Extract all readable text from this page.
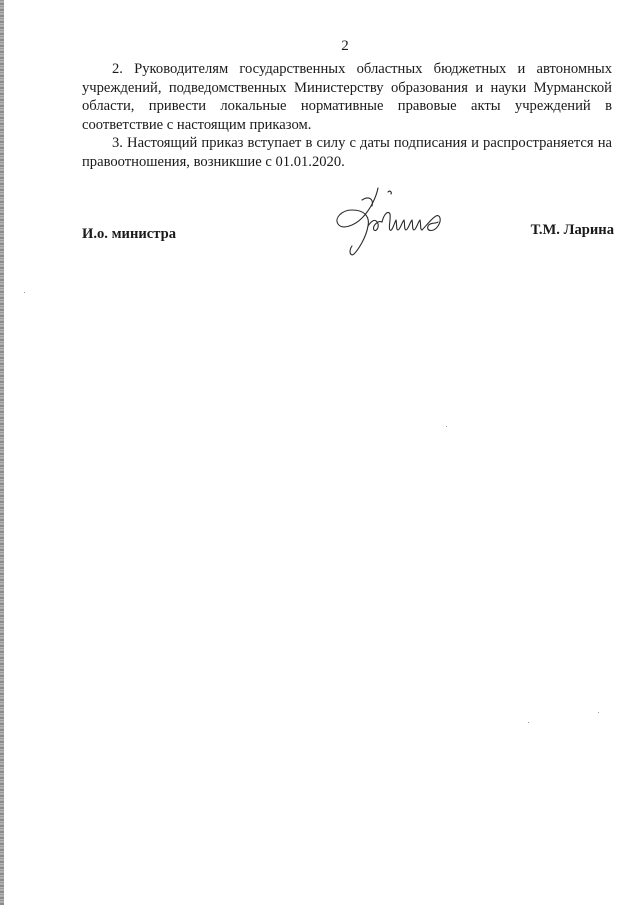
2

2. Руководителям государственных областных бюджетных и автономных учреждений, подведомственных Министерству образования и науки Мурманской области, привести локальные нормативные правовые акты учреждений в соответствие с настоящим приказом.

3. Настоящий приказ вступает в силу с даты подписания и распространяется на правоотношения, возникшие с 01.01.2020.

И.о. министра	Т.М. Ларина
